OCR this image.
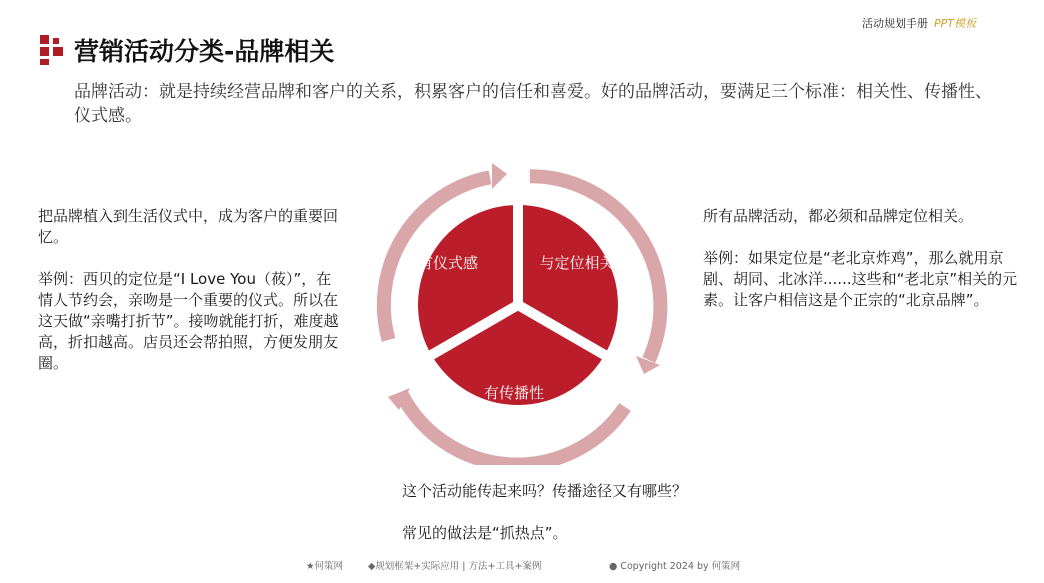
活动规划手册 PPT模板
营销活动分类-品牌相关
品牌活动：就是持续经营品牌和客户的关系，积累客户的信任和喜爱。好的品牌活动，要满足三个标准：相关性、传播性、仪式感。
把品牌植入到生活仪式中，成为客户的重要回忆。
举例：西贝的定位是“I Love You（莜）”，在情人节约会，亲吻是一个重要的仪式。所以在这天做“亲嘴打折节”。接吻就能打折，难度越高，折扣越高。店员还会帮拍照，方便发朋友圈。
所有品牌活动，都必须和品牌定位相关。
举例：如果定位是“老北京炸鸡”，那么就用京剧、胡同、北冰洋......这些和“老北京”相关的元素。让客户相信这是个正宗的“北京品牌”。
这个活动能传起来吗？传播途径又有哪些？
常见的做法是“抓热点”。
有仪式感	与定位相关
有传播性
★何策网	◆规划框架+实际应用 | 方法+工具+案例	● Copyright 2024 by 何策网
